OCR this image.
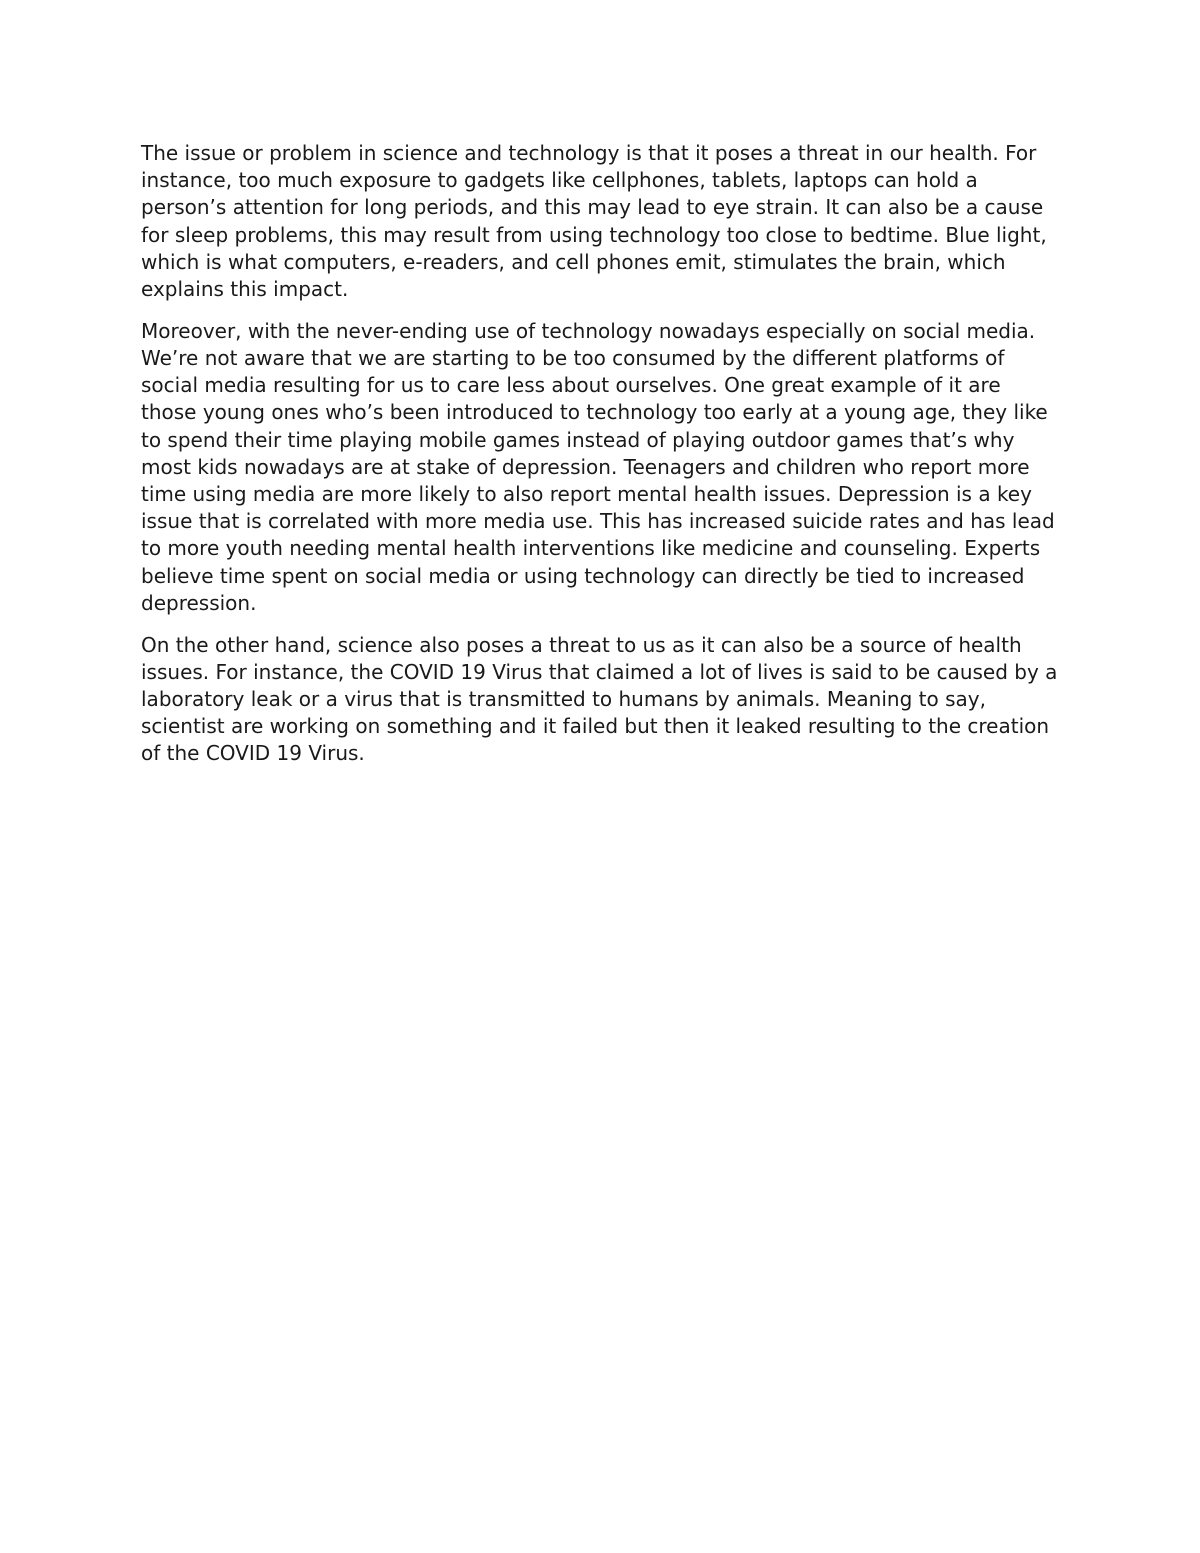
The issue or problem in science and technology is that it poses a threat in our health. For instance, too much exposure to gadgets like cellphones, tablets, laptops can hold a person’s attention for long periods, and this may lead to eye strain. It can also be a cause for sleep problems, this may result from using technology too close to bedtime. Blue light, which is what computers, e-readers, and cell phones emit, stimulates the brain, which explains this impact.

Moreover, with the never-ending use of technology nowadays especially on social media. We’re not aware that we are starting to be too consumed by the different platforms of social media resulting for us to care less about ourselves. One great example of it are those young ones who’s been introduced to technology too early at a young age, they like to spend their time playing mobile games instead of playing outdoor games that’s why most kids nowadays are at stake of depression. Teenagers and children who report more time using media are more likely to also report mental health issues. Depression is a key issue that is correlated with more media use. This has increased suicide rates and has lead to more youth needing mental health interventions like medicine and counseling. Experts believe time spent on social media or using technology can directly be tied to increased depression.

On the other hand, science also poses a threat to us as it can also be a source of health issues. For instance, the COVID 19 Virus that claimed a lot of lives is said to be caused by a laboratory leak or a virus that is transmitted to humans by animals. Meaning to say, scientist are working on something and it failed but then it leaked resulting to the creation of the COVID 19 Virus.
